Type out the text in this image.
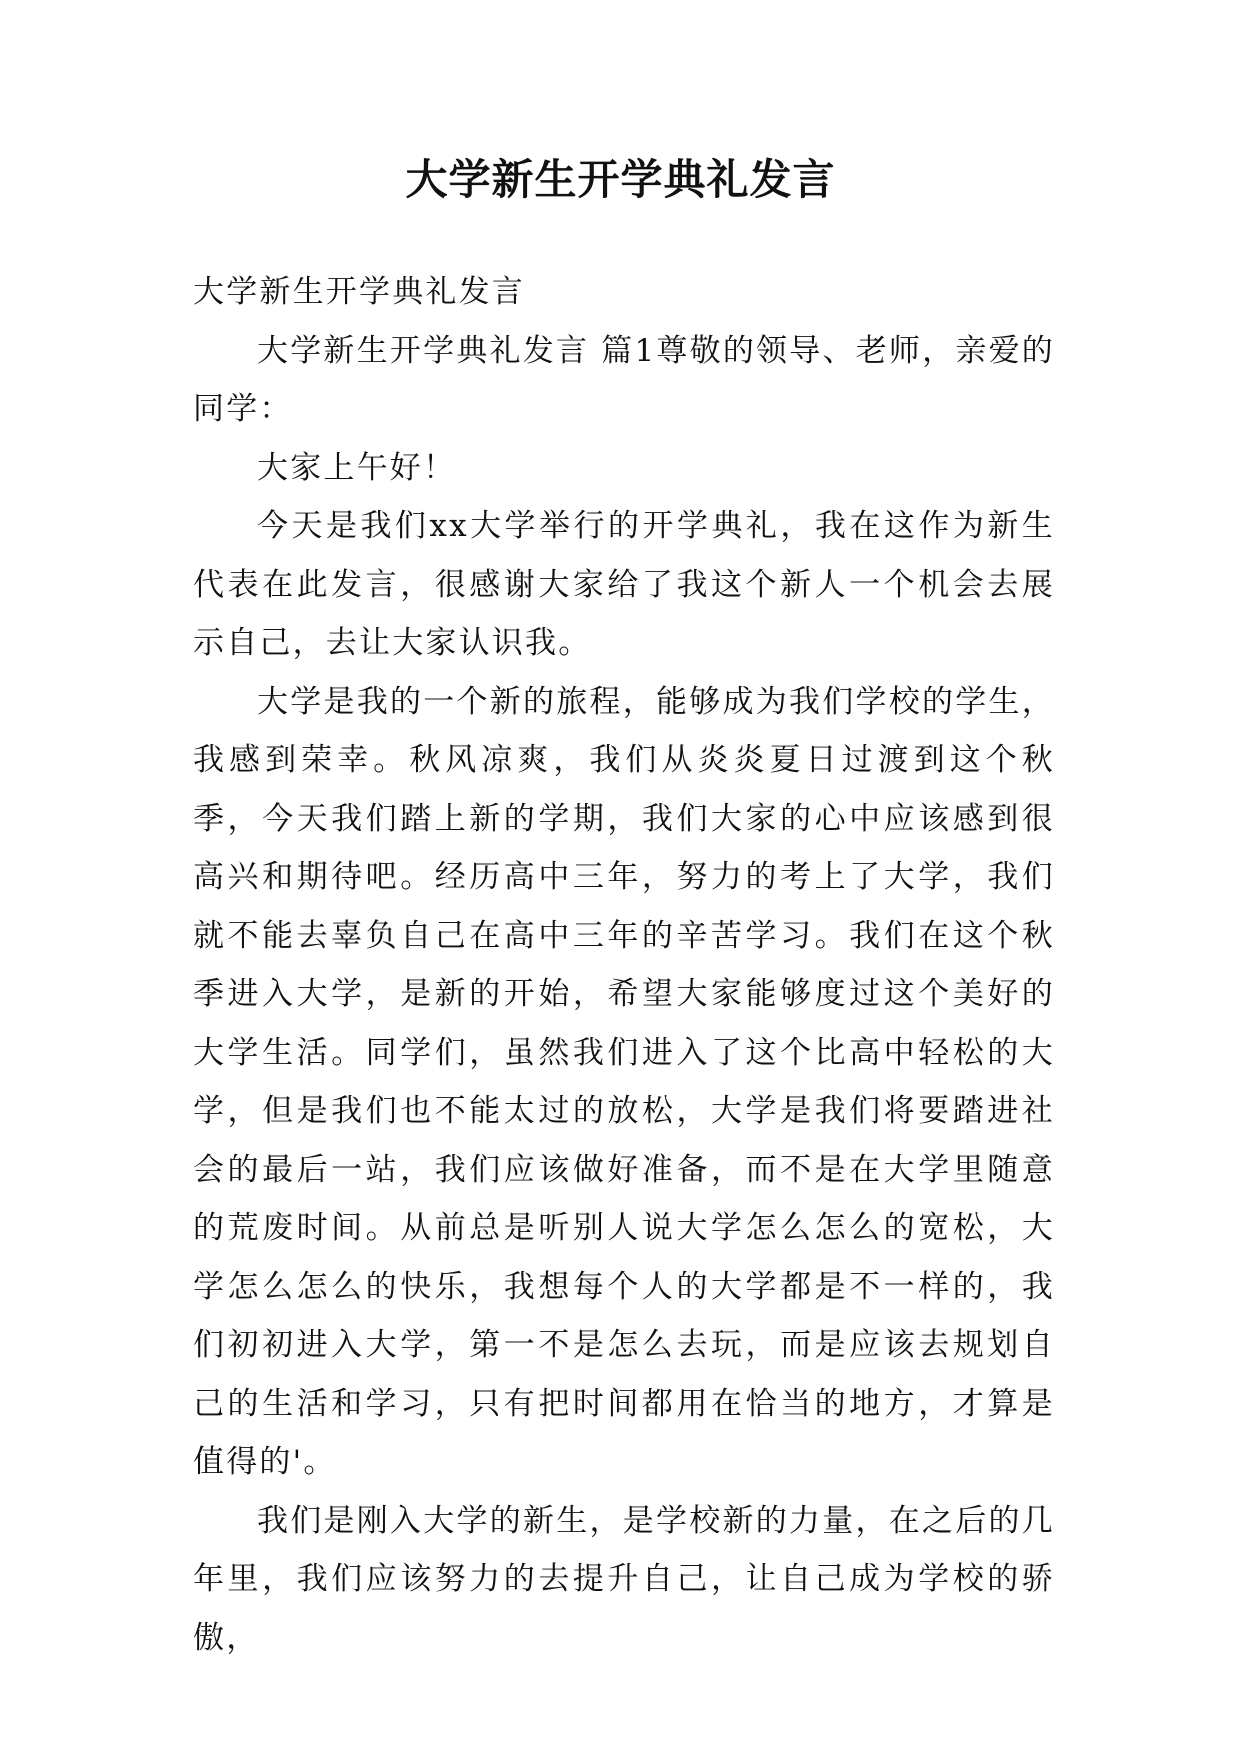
大学新生开学典礼发言

大学新生开学典礼发言

大学新生开学典礼发言 篇1尊敬的领导、老师，亲爱的同学：

大家上午好！

今天是我们xx大学举行的开学典礼，我在这作为新生代表在此发言，很感谢大家给了我这个新人一个机会去展示自己，去让大家认识我。

大学是我的一个新的旅程，能够成为我们学校的学生，我感到荣幸。秋风凉爽，我们从炎炎夏日过渡到这个秋季，今天我们踏上新的学期，我们大家的心中应该感到很高兴和期待吧。经历高中三年，努力的考上了大学，我们就不能去辜负自己在高中三年的辛苦学习。我们在这个秋季进入大学，是新的开始，希望大家能够度过这个美好的大学生活。同学们，虽然我们进入了这个比高中轻松的大学，但是我们也不能太过的放松，大学是我们将要踏进社会的最后一站，我们应该做好准备，而不是在大学里随意的荒废时间。从前总是听别人说大学怎么怎么的宽松，大学怎么怎么的快乐，我想每个人的大学都是不一样的，我们初初进入大学，第一不是怎么去玩，而是应该去规划自己的生活和学习，只有把时间都用在恰当的地方，才算是值得的'。

我们是刚入大学的新生，是学校新的力量，在之后的几年里，我们应该努力的去提升自己，让自己成为学校的骄傲，
